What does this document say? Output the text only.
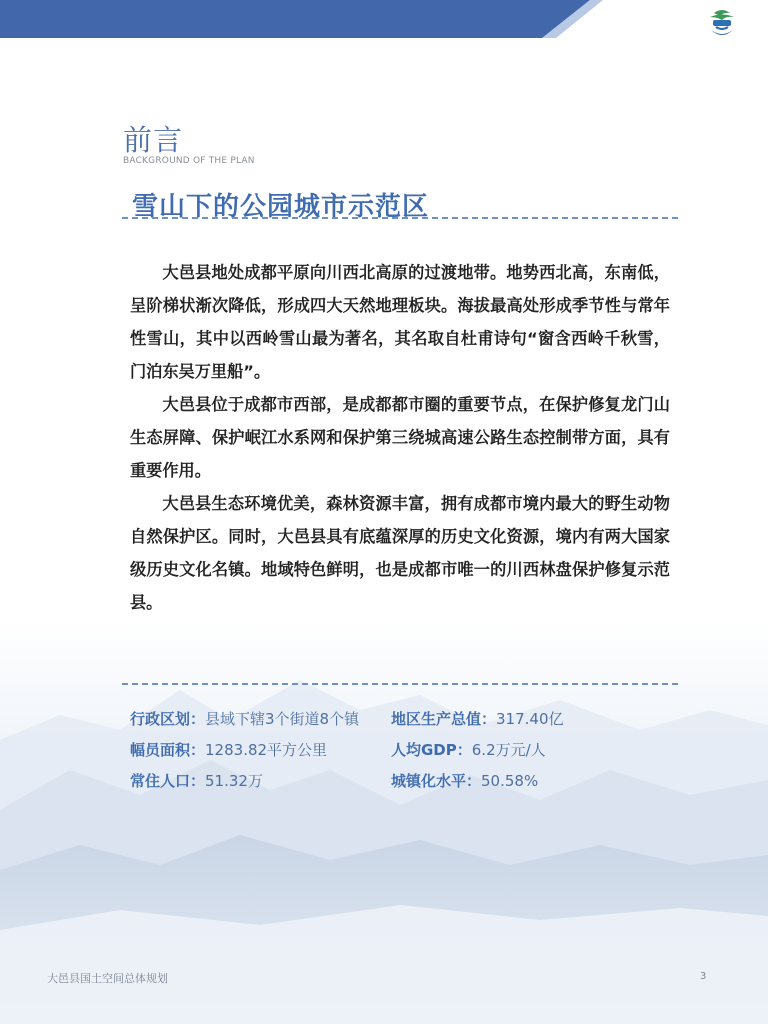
前言
BACKGROUND OF THE PLAN
雪山下的公园城市示范区

大邑县地处成都平原向川西北高原的过渡地带。地势西北高，东南低，呈阶梯状渐次降低，形成四大天然地理板块。海拔最高处形成季节性与常年性雪山，其中以西岭雪山最为著名，其名取自杜甫诗句“窗含西岭千秋雪，门泊东吴万里船”。

大邑县位于成都市西部，是成都都市圈的重要节点，在保护修复龙门山生态屏障、保护岷江水系网和保护第三绕城高速公路生态控制带方面，具有重要作用。

大邑县生态环境优美，森林资源丰富，拥有成都市境内最大的野生动物自然保护区。同时，大邑县具有底蕴深厚的历史文化资源，境内有两大国家级历史文化名镇。地域特色鲜明，也是成都市唯一的川西林盘保护修复示范县。

行政区划：县域下辖3个街道8个镇 地区生产总值：317.40亿
幅员面积：1283.82平方公里	人均GDP：6.2万元/人
常住人口：51.32万	城镇化水平：50.58%
大邑县国土空间总体规划	3
